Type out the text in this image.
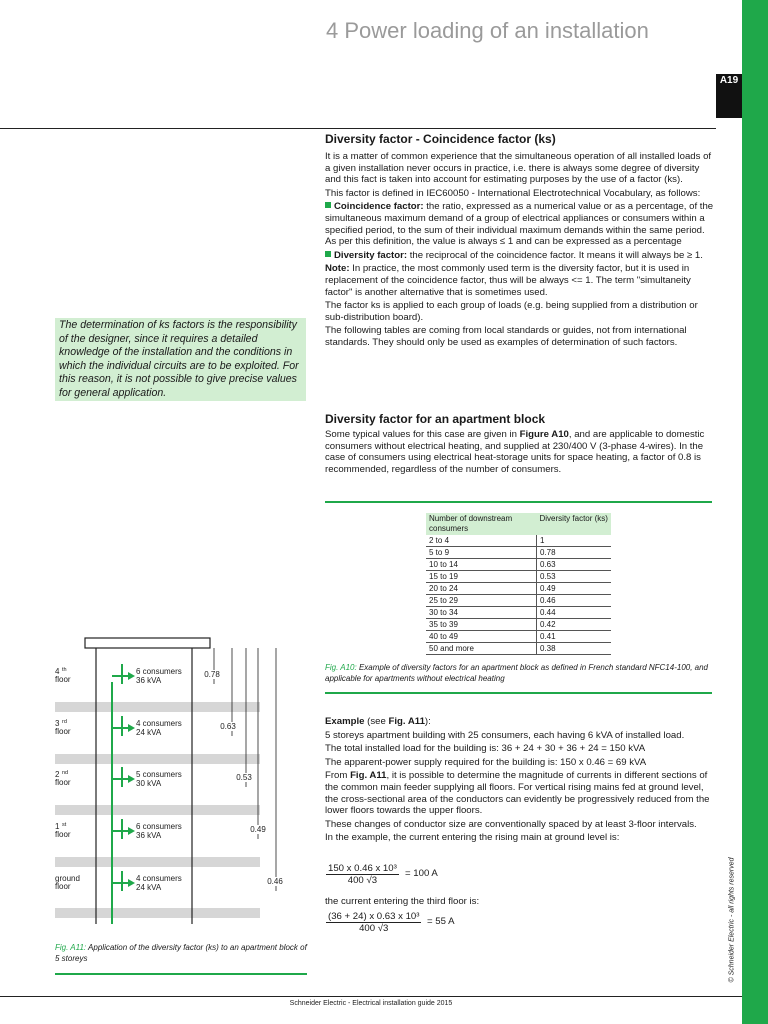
A19
4 Power loading of an installation
Schneider Electric - Electrical installation guide 2015
© Schneider Electric - all rights reserved
Diversity factor - Coincidence factor (ks)

It is a matter of common experience that the simultaneous operation of all installed loads of a given installation never occurs in practice, i.e. there is always some degree of diversity and this fact is taken into account for estimating purposes by the use of a factor (ks).

This factor is defined in IEC60050 - International Electrotechnical Vocabulary, as follows:

Coincidence factor: the ratio, expressed as a numerical value or as a percentage, of the simultaneous maximum demand of a group of electrical appliances or consumers within a specified period, to the sum of their individual maximum demands within the same period. As per this definition, the value is always ≤ 1 and can be expressed as a percentage

Diversity factor: the reciprocal of the coincidence factor. It means it will always be ≥ 1.

Note: In practice, the most commonly used term is the diversity factor, but it is used in replacement of the coincidence factor, thus will be always <= 1. The term "simultaneity factor" is another alternative that is sometimes used.

The factor ks is applied to each group of loads (e.g. being supplied from a distribution or sub-distribution board).

The following tables are coming from local standards or guides, not from international standards. They should only be used as examples of determination of such factors.

The determination of ks factors is the responsibility of the designer, since it requires a detailed knowledge of the installation and the conditions in which the individual circuits are to be exploited. For this reason, it is not possible to give precise values for general application.
Diversity factor for an apartment block

Some typical values for this case are given in Figure A10, and are applicable to domestic consumers without electrical heating, and supplied at 230/400 V (3-phase 4-wires). In the case of consumers using electrical heat-storage units for space heating, a factor of 0.8 is recommended, regardless of the number of consumers.

Number of downstream consumers	Diversity factor (ks)
2 to 4	1
5 to 9	0.78
10 to 14	0.63
15 to 19	0.53
20 to 24	0.49
25 to 29	0.46
30 to 34	0.44
35 to 39	0.42
40 to 49	0.41
50 and more	0.38
Fig. A10: Example of diversity factors for an apartment block as defined in French standard NFC14-100, and applicable for apartments without electrical heating
4 th
floor
6 consumers
36 kVA
0.78
3 rd
floor
4 consumers
24 kVA
0.63
2 nd
floor
5 consumers
30 kVA
0.53
1 st
floor
6 consumers
36 kVA
0.49
ground
floor
4 consumers
24 kVA
0.46
Fig. A11: Application of the diversity factor (ks) to an apartment block of 5 storeys

Example (see Fig. A11):

5 storeys apartment building with 25 consumers, each having 6 kVA of installed load.

The total installed load for the building is: 36 + 24 + 30 + 36 + 24 = 150 kVA

The apparent-power supply required for the building is: 150 x 0.46 = 69 kVA

From Fig. A11, it is possible to determine the magnitude of currents in different sections of the common main feeder supplying all floors. For vertical rising mains fed at ground level, the cross-sectional area of the conductors can evidently be progressively reduced from the lower floors towards the upper floors.

These changes of conductor size are conventionally spaced by at least 3-floor intervals.

In the example, the current entering the rising main at ground level is:

150 x 0.46 x 10³
400 √3
= 100 A
the current entering the third floor is:
(36 + 24) x 0.63 x 10³
400 √3
= 55 A
